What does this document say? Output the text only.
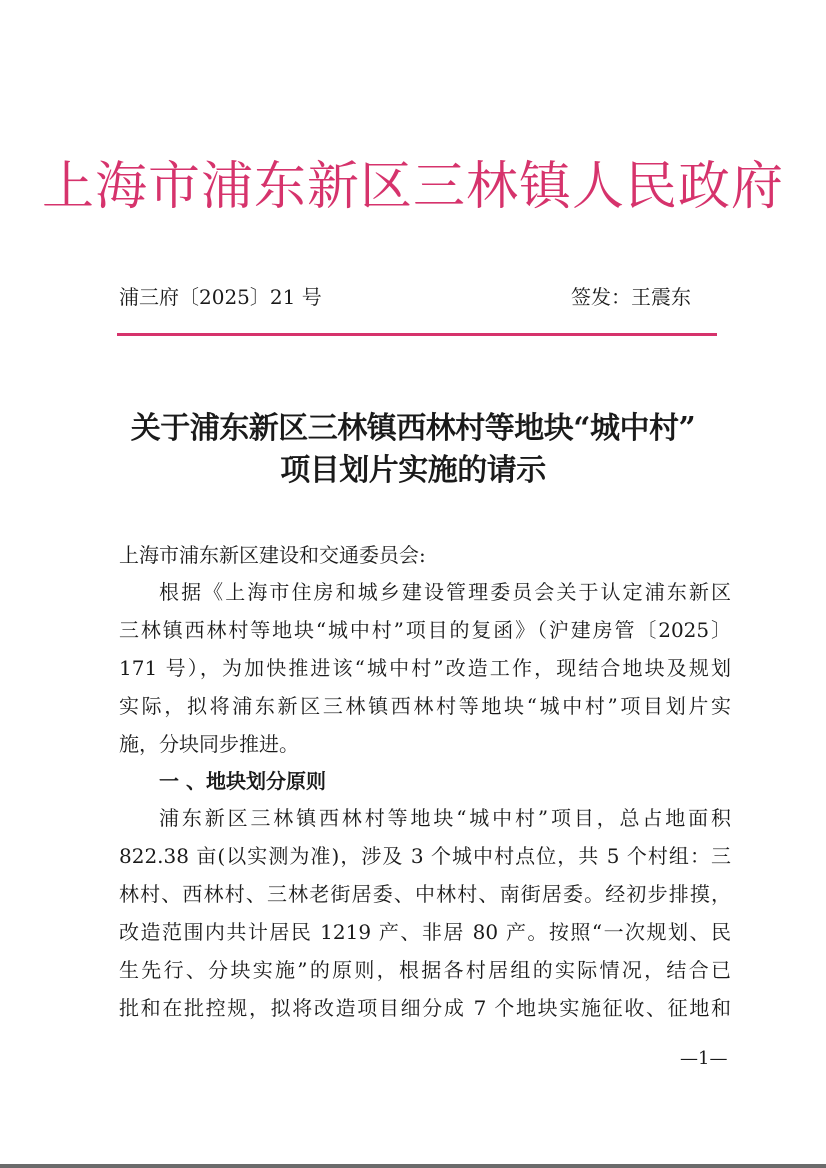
上海市浦东新区三林镇人民政府
浦三府〔2025〕21 号	签发：王震东
关于浦东新区三林镇西林村等地块“城中村”
项目划片实施的请示
上海市浦东新区建设和交通委员会:
根据《上海市住房和城乡建设管理委员会关于认定浦东新区
三林镇西林村等地块“城中村”项目的复函》（沪建房管〔2025〕
171 号），为加快推进该“城中村”改造工作，现结合地块及规划
实际，拟将浦东新区三林镇西林村等地块“城中村”项目划片实
施，分块同步推进。
一 、地块划分原则
浦东新区三林镇西林村等地块“城中村”项目，总占地面积
822.38 亩(以实测为准)，涉及 3 个城中村点位，共 5 个村组：三
林村、西林村、三林老街居委、中林村、南街居委。经初步排摸，
改造范围内共计居民 1219 产、非居 80 产。按照“一次规划、民
生先行、分块实施”的原则，根据各村居组的实际情况，结合已
批和在批控规，拟将改造项目细分成 7 个地块实施征收、征地和
—1—
